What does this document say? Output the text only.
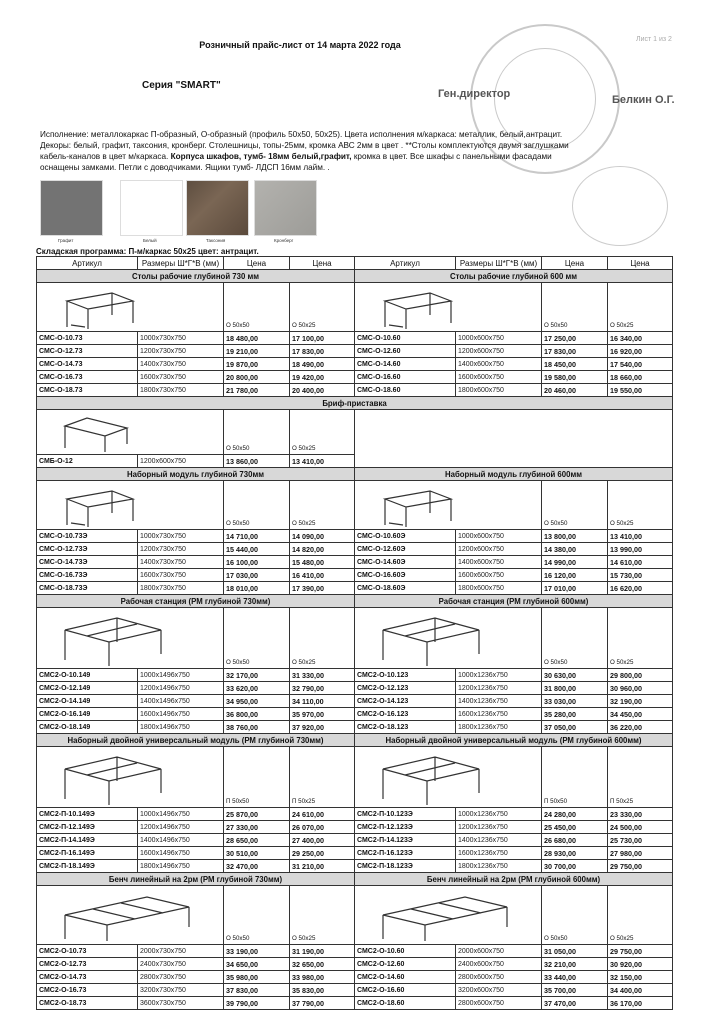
Розничный прайс-лист от 14 марта 2022 года
Лист 1 из 2
Серия "SMART"
Ген.директор	Белкин О.Г.
Исполнение: металлокаркас П-образный, О-образный (профиль 50х50, 50х25). Цвета исполнения м/каркаса: металлик, белый,антрацит.
Декоры: белый, графит, таксония, кронберг. Столешницы, топы-25мм, кромка АВС 2мм в цвет . **Столы комплектуются двумя заглушками
кабель-каналов в цвет м/каркаса. Корпуса шкафов, тумб- 18мм белый,графит, кромка в цвет. Все шкафы с панельными фасадами
оснащены замками. Петли с доводчиками. Ящики тумб- ЛДСП 16мм лайм. .
Графит	Белый	Таксония	Кронберг
Складская программа: П-м/каркас 50х25 цвет: антрацит.
Артикул	Размеры Ш*Г*В (мм)	Цена	Цена	Артикул	Размеры Ш*Г*В (мм)	Цена	Цена
Столы рабочие глубиной 730 мм				Столы рабочие глубиной 600 мм			

	О 50х50	О 50х25			О 50х50	О 50х25
СМС-О-10.73	1000х730х750	18 480,00	17 100,00	СМС-О-10.60	1000х600х750	17 250,00	16 340,00
СМС-О-12.73	1200х730х750	19 210,00	17 830,00	СМС-О-12.60	1200х600х750	17 830,00	16 920,00
СМС-О-14.73	1400х730х750	19 870,00	18 490,00	СМС-О-14.60	1400х600х750	18 450,00	17 540,00
СМС-О-16.73	1600х730х750	20 800,00	19 420,00	СМС-О-16.60	1600х600х750	19 580,00	18 660,00
СМС-О-18.73	1800х730х750	21 780,00	20 400,00	СМС-О-18.60	1800х600х750	20 460,00	19 550,00
Бриф-приставка							

	О 50х50	О 50х25				
СМБ-О-12	1200х600х750	13 860,00	13 410,00				
Наборный модуль глубиной 730мм				Наборный модуль глубиной 600мм			

	О 50х50	О 50х25			О 50х50	О 50х25
СМС-О-10.73Э	1000х730х750	14 710,00	14 090,00	СМС-О-10.60Э	1000х600х750	13 800,00	13 410,00
СМС-О-12.73Э	1200х730х750	15 440,00	14 820,00	СМС-О-12.60Э	1200х600х750	14 380,00	13 990,00
СМС-О-14.73Э	1400х730х750	16 100,00	15 480,00	СМС-О-14.60Э	1400х600х750	14 990,00	14 610,00
СМС-О-16.73Э	1600х730х750	17 030,00	16 410,00	СМС-О-16.60Э	1600х600х750	16 120,00	15 730,00
СМС-О-18.73Э	1800х730х750	18 010,00	17 390,00	СМС-О-18.60Э	1800х600х750	17 010,00	16 620,00
Рабочая станция (РМ глубиной 730мм)				Рабочая станция (РМ глубиной 600мм)			

	О 50х50	О 50х25			О 50х50	О 50х25
СМС2-О-10.149	1000х1496х750	32 170,00	31 330,00	СМС2-О-10.123	1000х1236х750	30 630,00	29 800,00
СМС2-О-12.149	1200х1496х750	33 620,00	32 790,00	СМС2-О-12.123	1200х1236х750	31 800,00	30 960,00
СМС2-О-14.149	1400х1496х750	34 950,00	34 110,00	СМС2-О-14.123	1400х1236х750	33 030,00	32 190,00
СМС2-О-16.149	1600х1496х750	36 800,00	35 970,00	СМС2-О-16.123	1600х1236х750	35 280,00	34 450,00
СМС2-О-18.149	1800х1496х750	38 760,00	37 920,00	СМС2-О-18.123	1800х1236х750	37 050,00	36 220,00
Наборный двойной универсальный модуль (РМ глубиной 730мм)				Наборный двойной универсальный модуль (РМ глубиной 600мм)			

	П 50х50	П 50х25			П 50х50	П 50х25
СМС2-П-10.149Э	1000х1496х750	25 870,00	24 610,00	СМС2-П-10.123Э	1000х1236х750	24 280,00	23 330,00
СМС2-П-12.149Э	1200х1496х750	27 330,00	26 070,00	СМС2-П-12.123Э	1200х1236х750	25 450,00	24 500,00
СМС2-П-14.149Э	1400х1496х750	28 650,00	27 400,00	СМС2-П-14.123Э	1400х1236х750	26 680,00	25 730,00
СМС2-П-16.149Э	1600х1496х750	30 510,00	29 250,00	СМС2-П-16.123Э	1600х1236х750	28 930,00	27 980,00
СМС2-П-18.149Э	1800х1496х750	32 470,00	31 210,00	СМС2-П-18.123Э	1800х1236х750	30 700,00	29 750,00
Бенч линейный на 2рм (РМ глубиной 730мм)				Бенч линейный на 2рм (РМ глубиной 600мм)			

	О 50х50	О 50х25			О 50х50	О 50х25
СМС2-О-10.73	2000х730х750	33 190,00	31 190,00	СМС2-О-10.60	2000х600х750	31 050,00	29 750,00
СМС2-О-12.73	2400х730х750	34 650,00	32 650,00	СМС2-О-12.60	2400х600х750	32 210,00	30 920,00
СМС2-О-14.73	2800х730х750	35 980,00	33 980,00	СМС2-О-14.60	2800х600х750	33 440,00	32 150,00
СМС2-О-16.73	3200х730х750	37 830,00	35 830,00	СМС2-О-16.60	3200х600х750	35 700,00	34 400,00
СМС2-О-18.73	3600х730х750	39 790,00	37 790,00	СМС2-О-18.60	2800х600х750	37 470,00	36 170,00
